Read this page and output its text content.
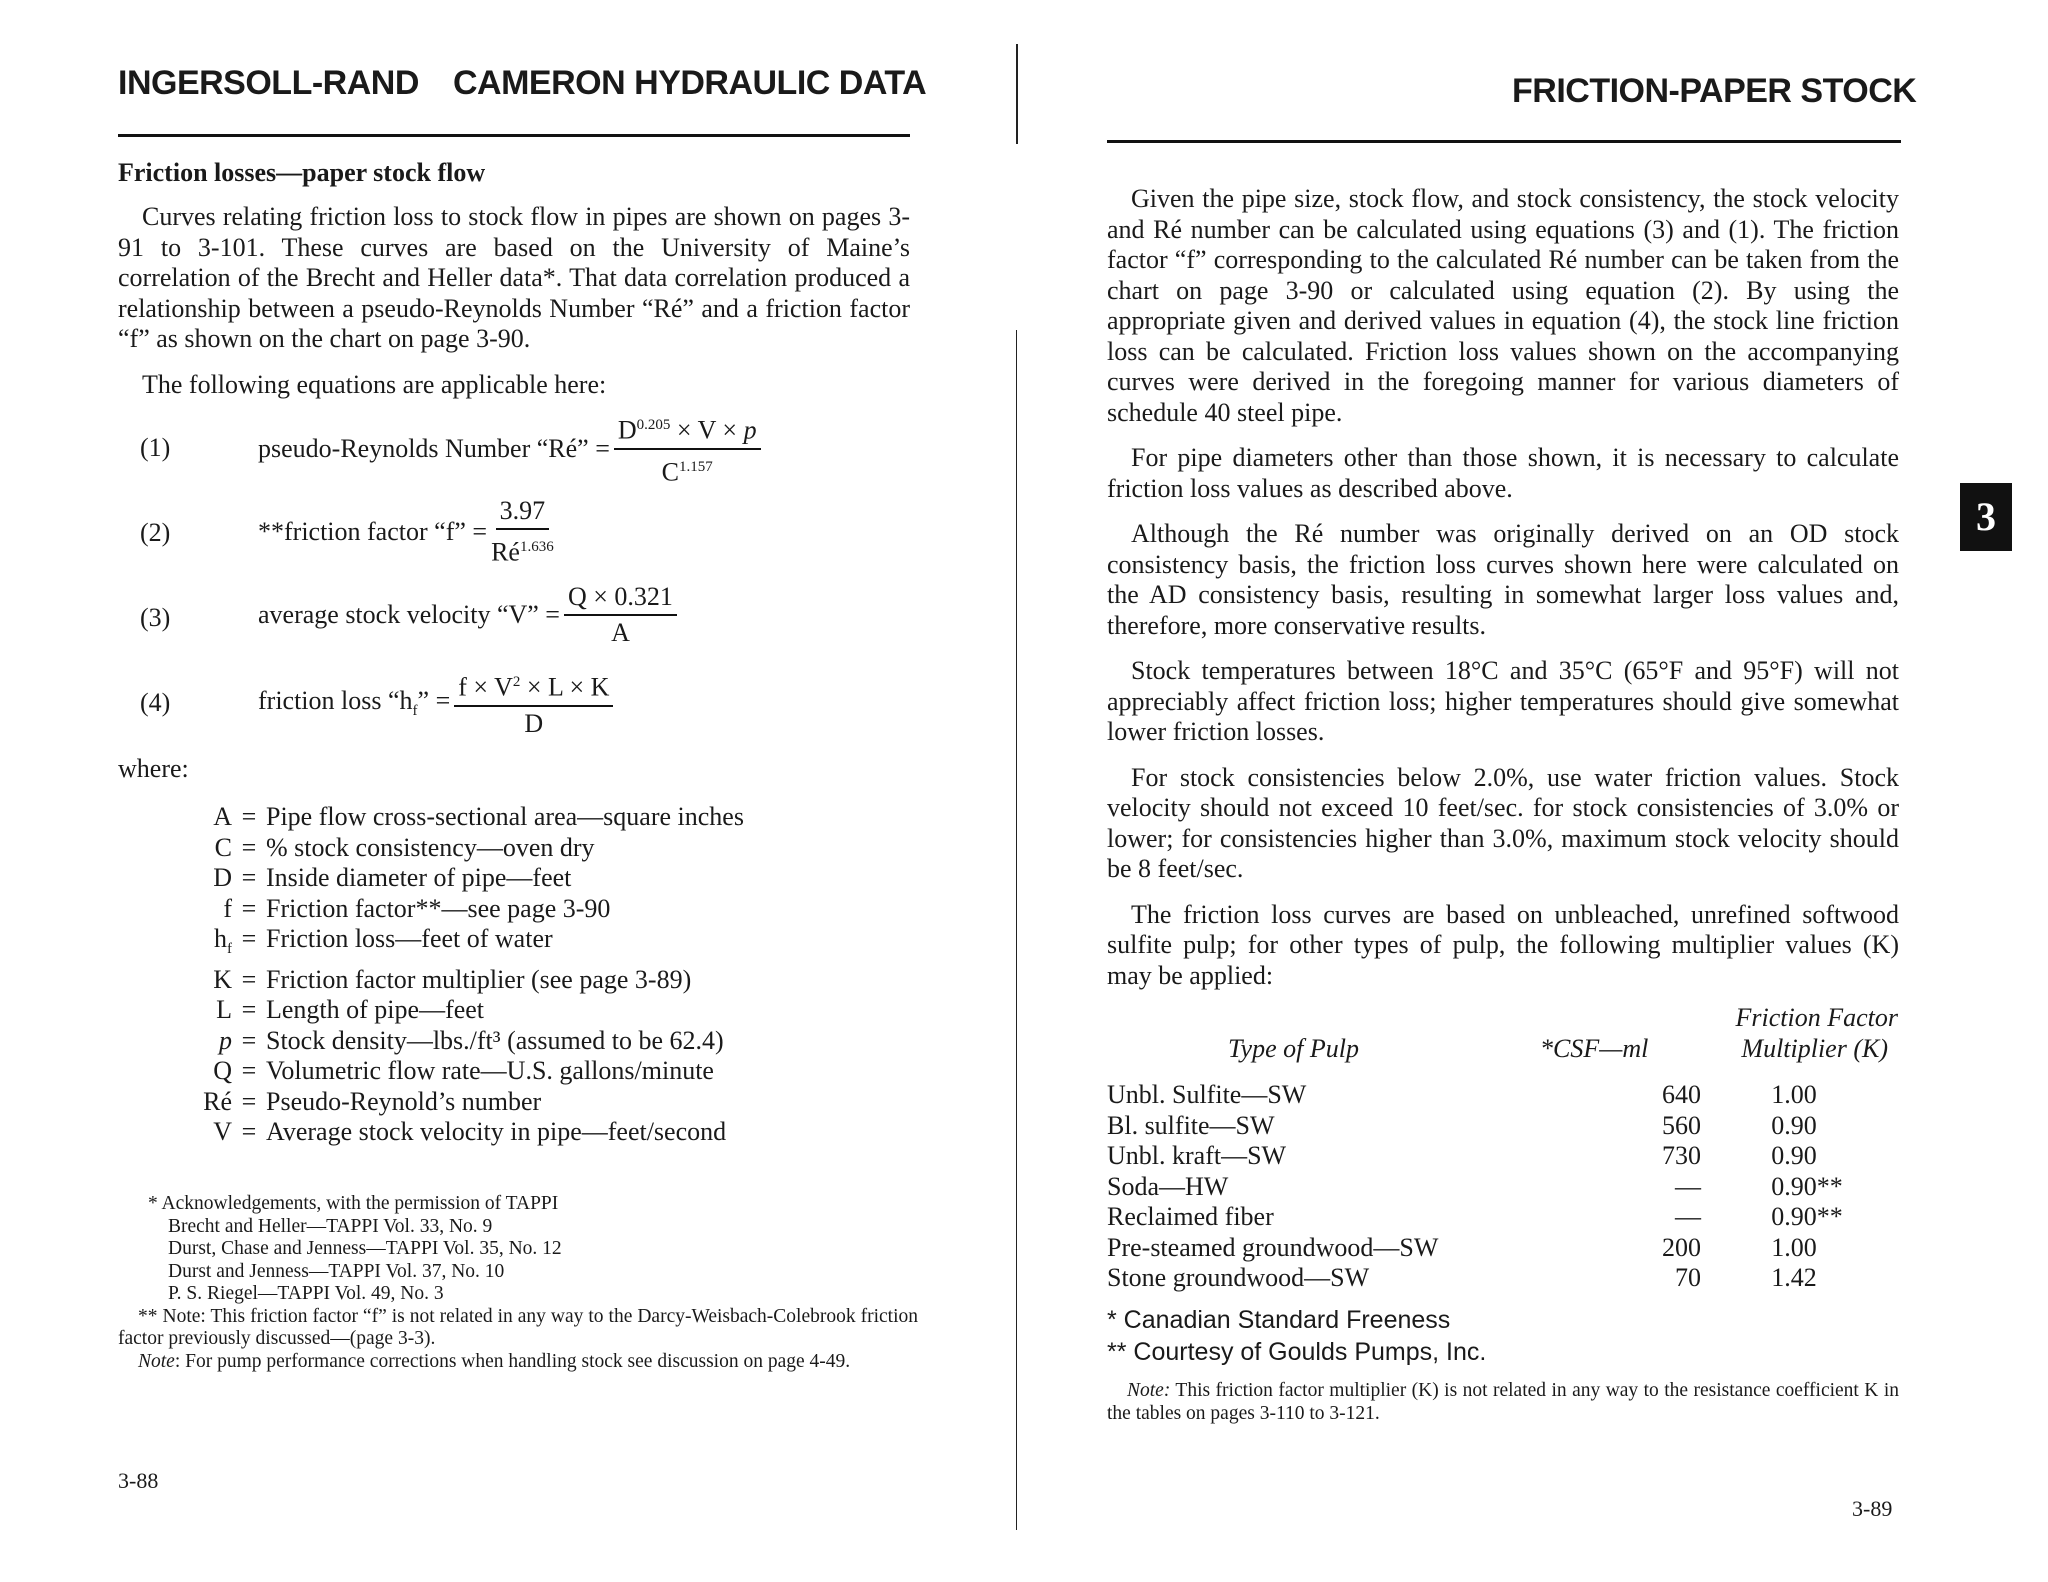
INGERSOLL-RAND CAMERON HYDRAULIC DATA
Friction losses—paper stock flow

Curves relating friction loss to stock flow in pipes are shown on pages 3-91 to 3-101. These curves are based on the University of Maine’s correlation of the Brecht and Heller data*. That data correlation produced a relationship between a pseudo-Reynolds Number “Ré” and a friction factor “f” as shown on the chart on page 3-90.

The following equations are applicable here:

(1)	pseudo-Reynolds Number “Ré” = $\frac{D^{0.205} \times V \times p}{C^{1.157}}$
(2)	**friction factor “f” = $\frac{3.97}{Ré^{1.636}}$
(3)	average stock velocity “V” = $\frac{Q \times 0.321}{A}$
(4)	friction loss “$h_f$” = $\frac{f \times V^2 \times L \times K}{D}$
where:
A = Pipe flow cross-sectional area—square inches
C = % stock consistency—oven dry
D = Inside diameter of pipe—feet
f = Friction factor**—see page 3-90
$h_f$ = Friction loss—feet of water
K = Friction factor multiplier (see page 3-89)
L = Length of pipe—feet
p = Stock density—lbs./ft³ (assumed to be 62.4)
Q = Volumetric flow rate—U.S. gallons/minute
Ré = Pseudo-Reynold’s number
V = Average stock velocity in pipe—feet/second

* Acknowledgements, with the permission of TAPPI

Brecht and Heller—TAPPI Vol. 33, No. 9

Durst, Chase and Jenness—TAPPI Vol. 35, No. 12

Durst and Jenness—TAPPI Vol. 37, No. 10

P. S. Riegel—TAPPI Vol. 49, No. 3

** Note: This friction factor “f” is not related in any way to the Darcy-Weisbach-Colebrook friction factor previously discussed—(page 3-3).

Note: For pump performance corrections when handling stock see discussion on page 4-49.

3-88
FRICTION-PAPER STOCK

Given the pipe size, stock flow, and stock consistency, the stock velocity and Ré number can be calculated using equations (3) and (1). The friction factor “f” corresponding to the calculated Ré number can be taken from the chart on page 3-90 or calculated using equation (2). By using the appropriate given and derived values in equation (4), the stock line friction loss can be calculated. Friction loss values shown on the accompanying curves were derived in the foregoing manner for various diameters of schedule 40 steel pipe.

For pipe diameters other than those shown, it is necessary to calculate friction loss values as described above.

Although the Ré number was originally derived on an OD stock consistency basis, the friction loss curves shown here were calculated on the AD consistency basis, resulting in somewhat larger loss values and, therefore, more conservative results.

Stock temperatures between 18°C and 35°C (65°F and 95°F) will not appreciably affect friction loss; higher temperatures should give somewhat lower friction losses.

For stock consistencies below 2.0%, use water friction values. Stock velocity should not exceed 10 feet/sec. for stock consistencies of 3.0% or lower; for consistencies higher than 3.0%, maximum stock velocity should be 8 feet/sec.

The friction loss curves are based on unbleached, unrefined softwood sulfite pulp; for other types of pulp, the following multiplier values (K) may be applied:

Friction Factor
Type of Pulp	*CSF—ml	Multiplier (K)
Unbl. Sulfite—SW	640	1.00
Bl. sulfite—SW	560	0.90
Unbl. kraft—SW	730	0.90
Soda—HW	—	0.90**
Reclaimed fiber	—	0.90**
Pre-steamed groundwood—SW	200	1.00
Stone groundwood—SW	70	1.42
* Canadian Standard Freeness
** Courtesy of Goulds Pumps, Inc.

Note: This friction factor multiplier (K) is not related in any way to the resistance coefficient K in the tables on pages 3-110 to 3-121.

3
3-89
